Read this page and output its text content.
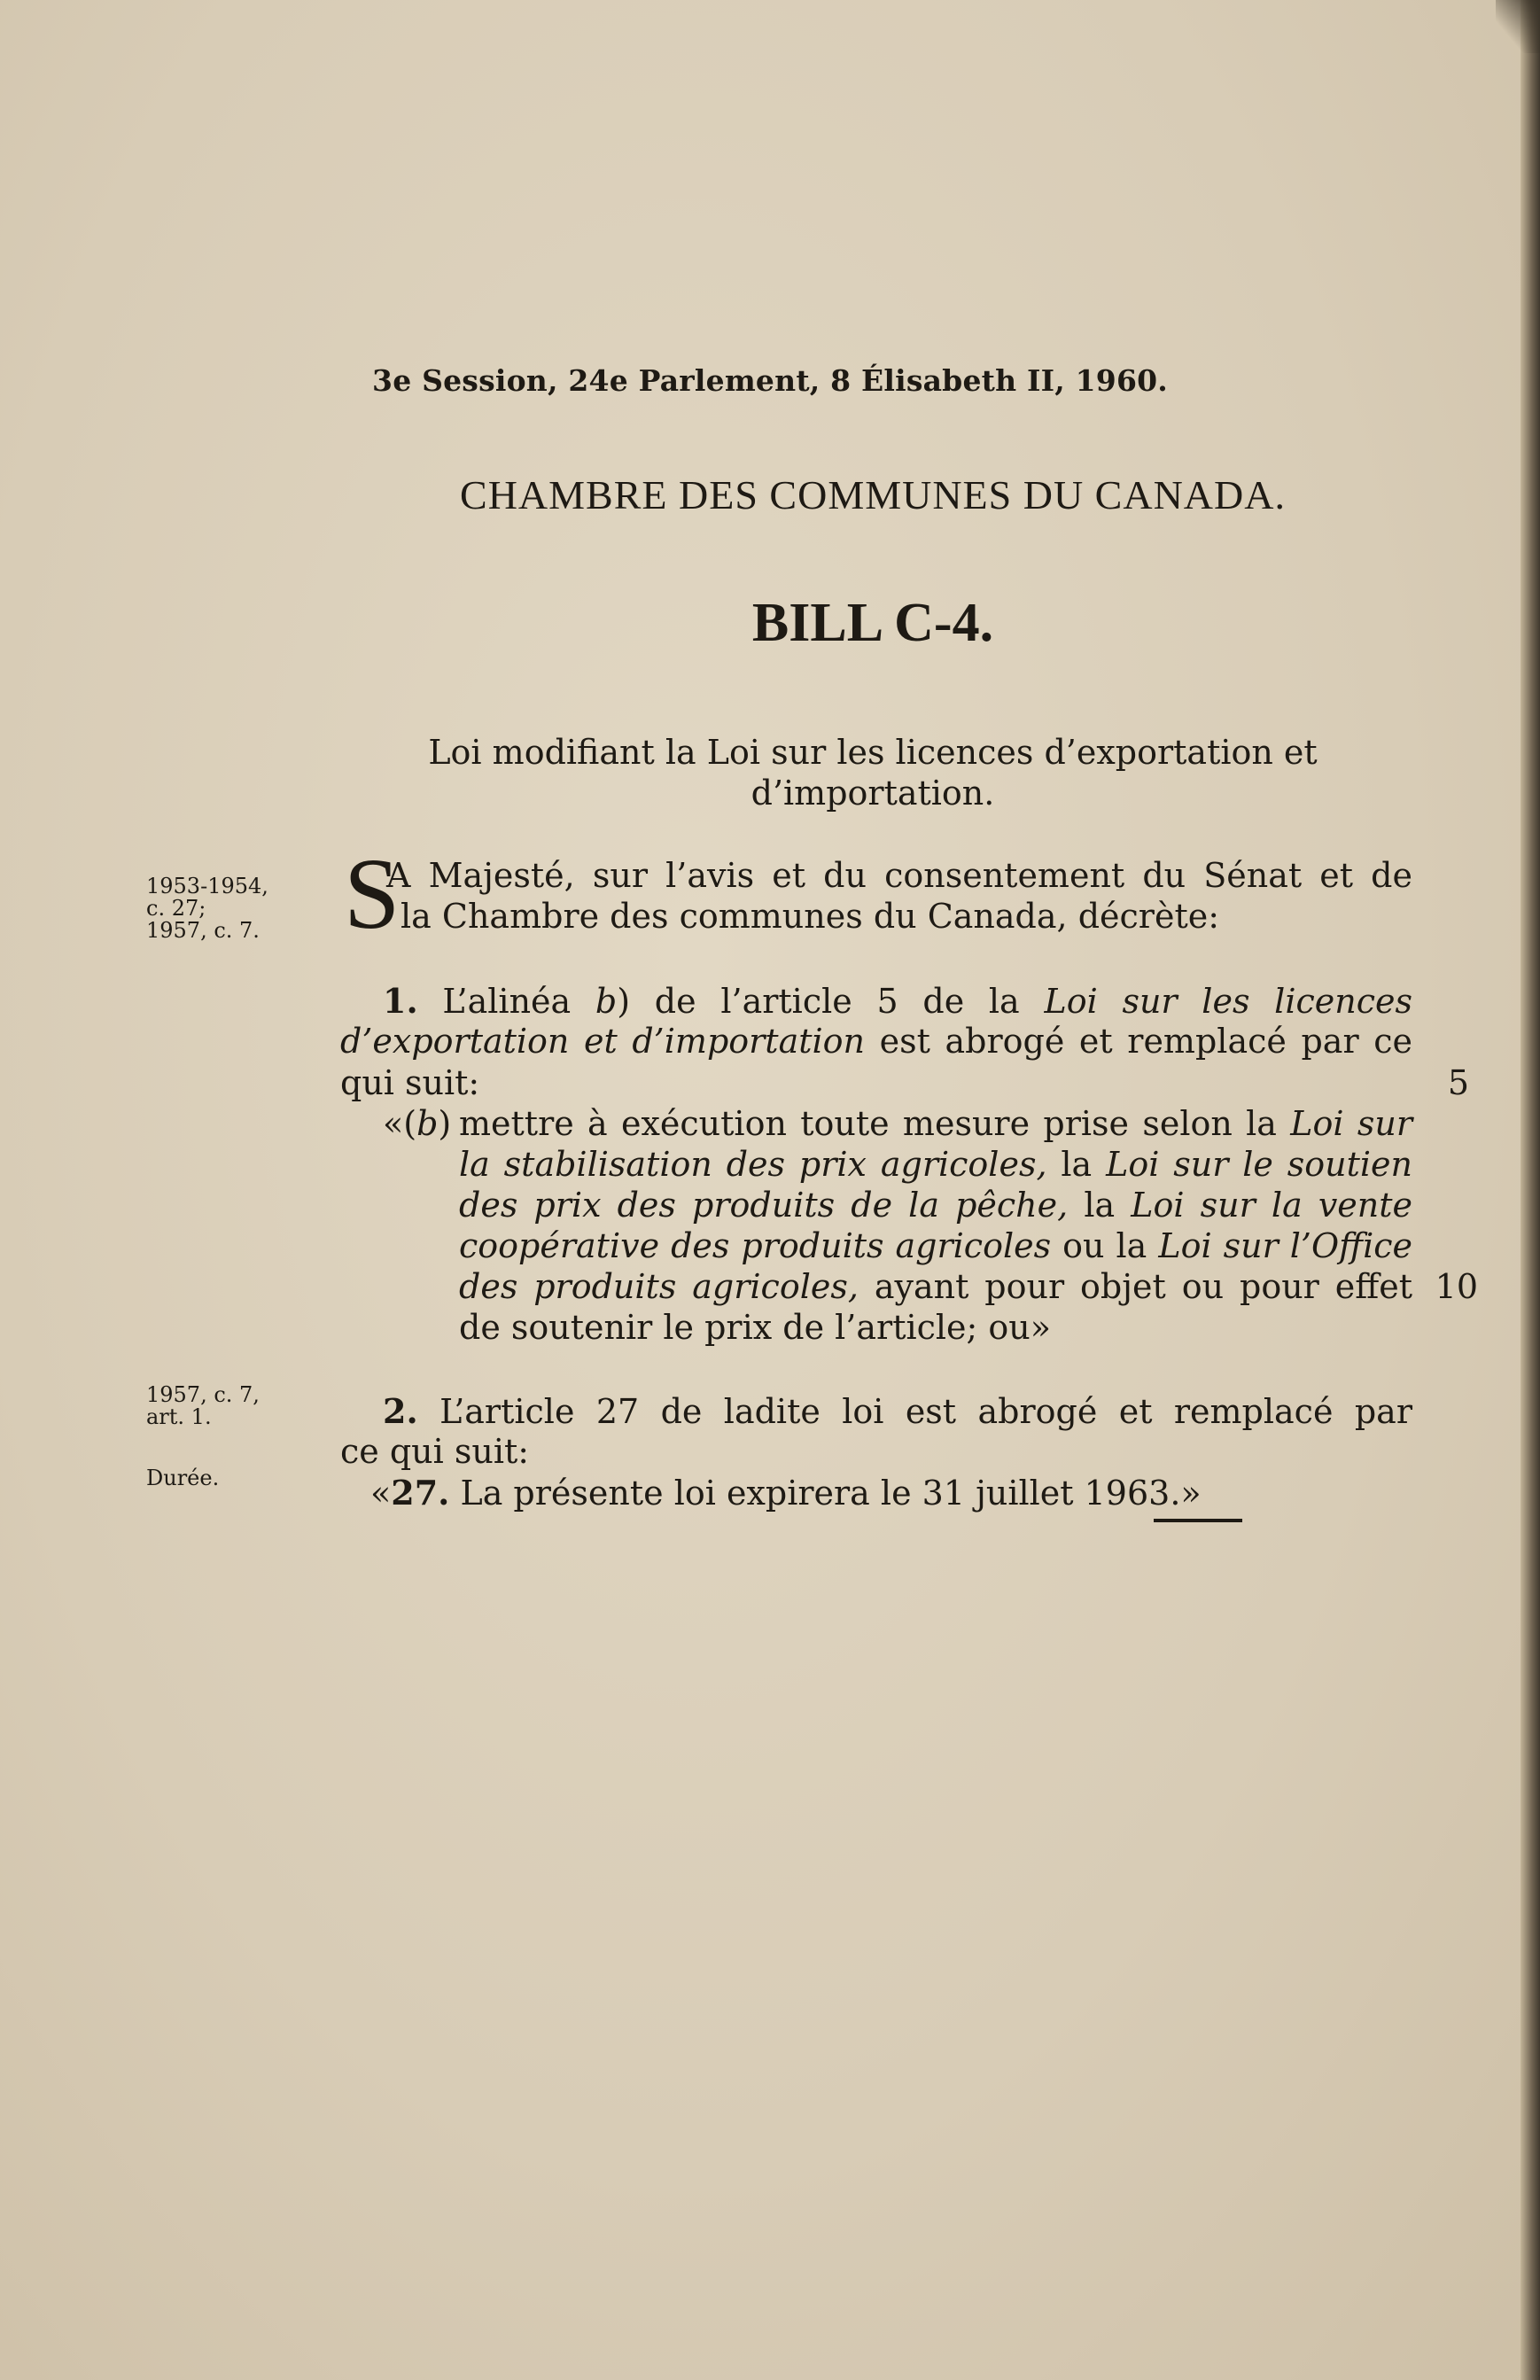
3e Session, 24e Parlement, 8 Élisabeth II, 1960.

CHAMBRE DES COMMUNES DU CANADA.

BILL C-4.

Loi modifiant la Loi sur les licences d’exportation et

d’importation.

1953-1954,
c. 27;
1957, c. 7.

1957, c. 7,
art. 1.

Durée.

S

A Majesté, sur l’avis et du consentement du Sénat et de

la Chambre des communes du Canada, décrète:

1. L’alinéa b) de l’article 5 de la Loi sur les licences

d’exportation et d’importation est abrogé et remplacé par ce

qui suit:	5

«(b) mettre à exécution toute mesure prise selon la Loi sur

la stabilisation des prix agricoles, la Loi sur le soutien

des prix des produits de la pêche, la Loi sur la vente

coopérative des produits agricoles ou la Loi sur l’Office

des produits agricoles, ayant pour objet ou pour effet 10

de soutenir le prix de l’article; ou»

2. L’article 27 de ladite loi est abrogé et remplacé par

ce qui suit:

«27. La présente loi expirera le 31 juillet 1963.»
